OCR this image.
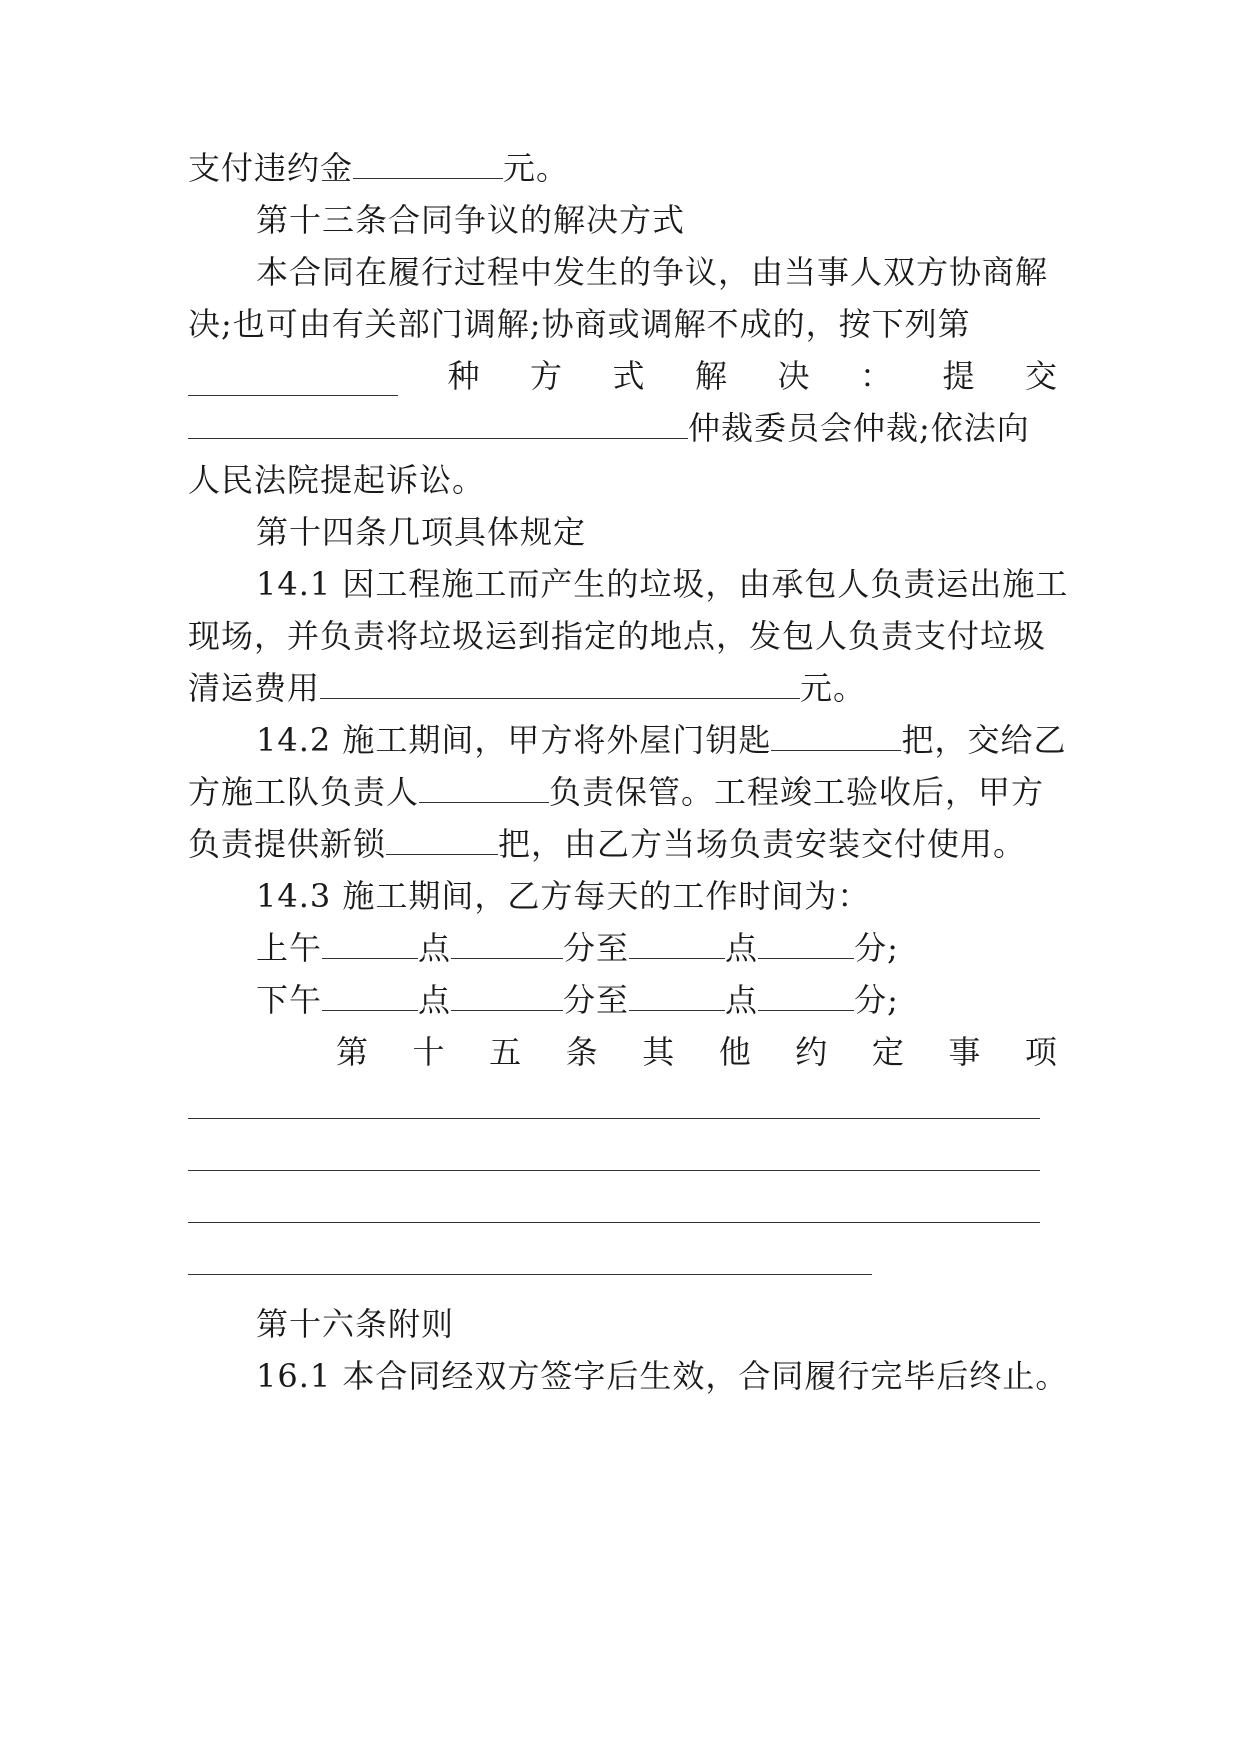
支付违约金	元。
第十三条合同争议的解决方式
本合同在履行过程中发生的争议，由当事人双方协商解
决;也可由有关部门调解;协商或调解不成的，按下列第
种 方 式 解 决 ： 提 交
仲裁委员会仲裁;依法向
人民法院提起诉讼。
第十四条几项具体规定
14.1 因工程施工而产生的垃圾，由承包人负责运出施工
现场，并负责将垃圾运到指定的地点，发包人负责支付垃圾
清运费用	元。
14.2 施工期间，甲方将外屋门钥匙	把，交给乙
方施工队负责人	负责保管。工程竣工验收后，甲方
负责提供新锁	把，由乙方当场负责安装交付使用。
14.3 施工期间，乙方每天的工作时间为：
上午	点	分至	点	分;
下午	点	分至	点	分;
第 十 五 条 其 他 约 定 事 项
第十六条附则
16.1 本合同经双方签字后生效，合同履行完毕后终止。
